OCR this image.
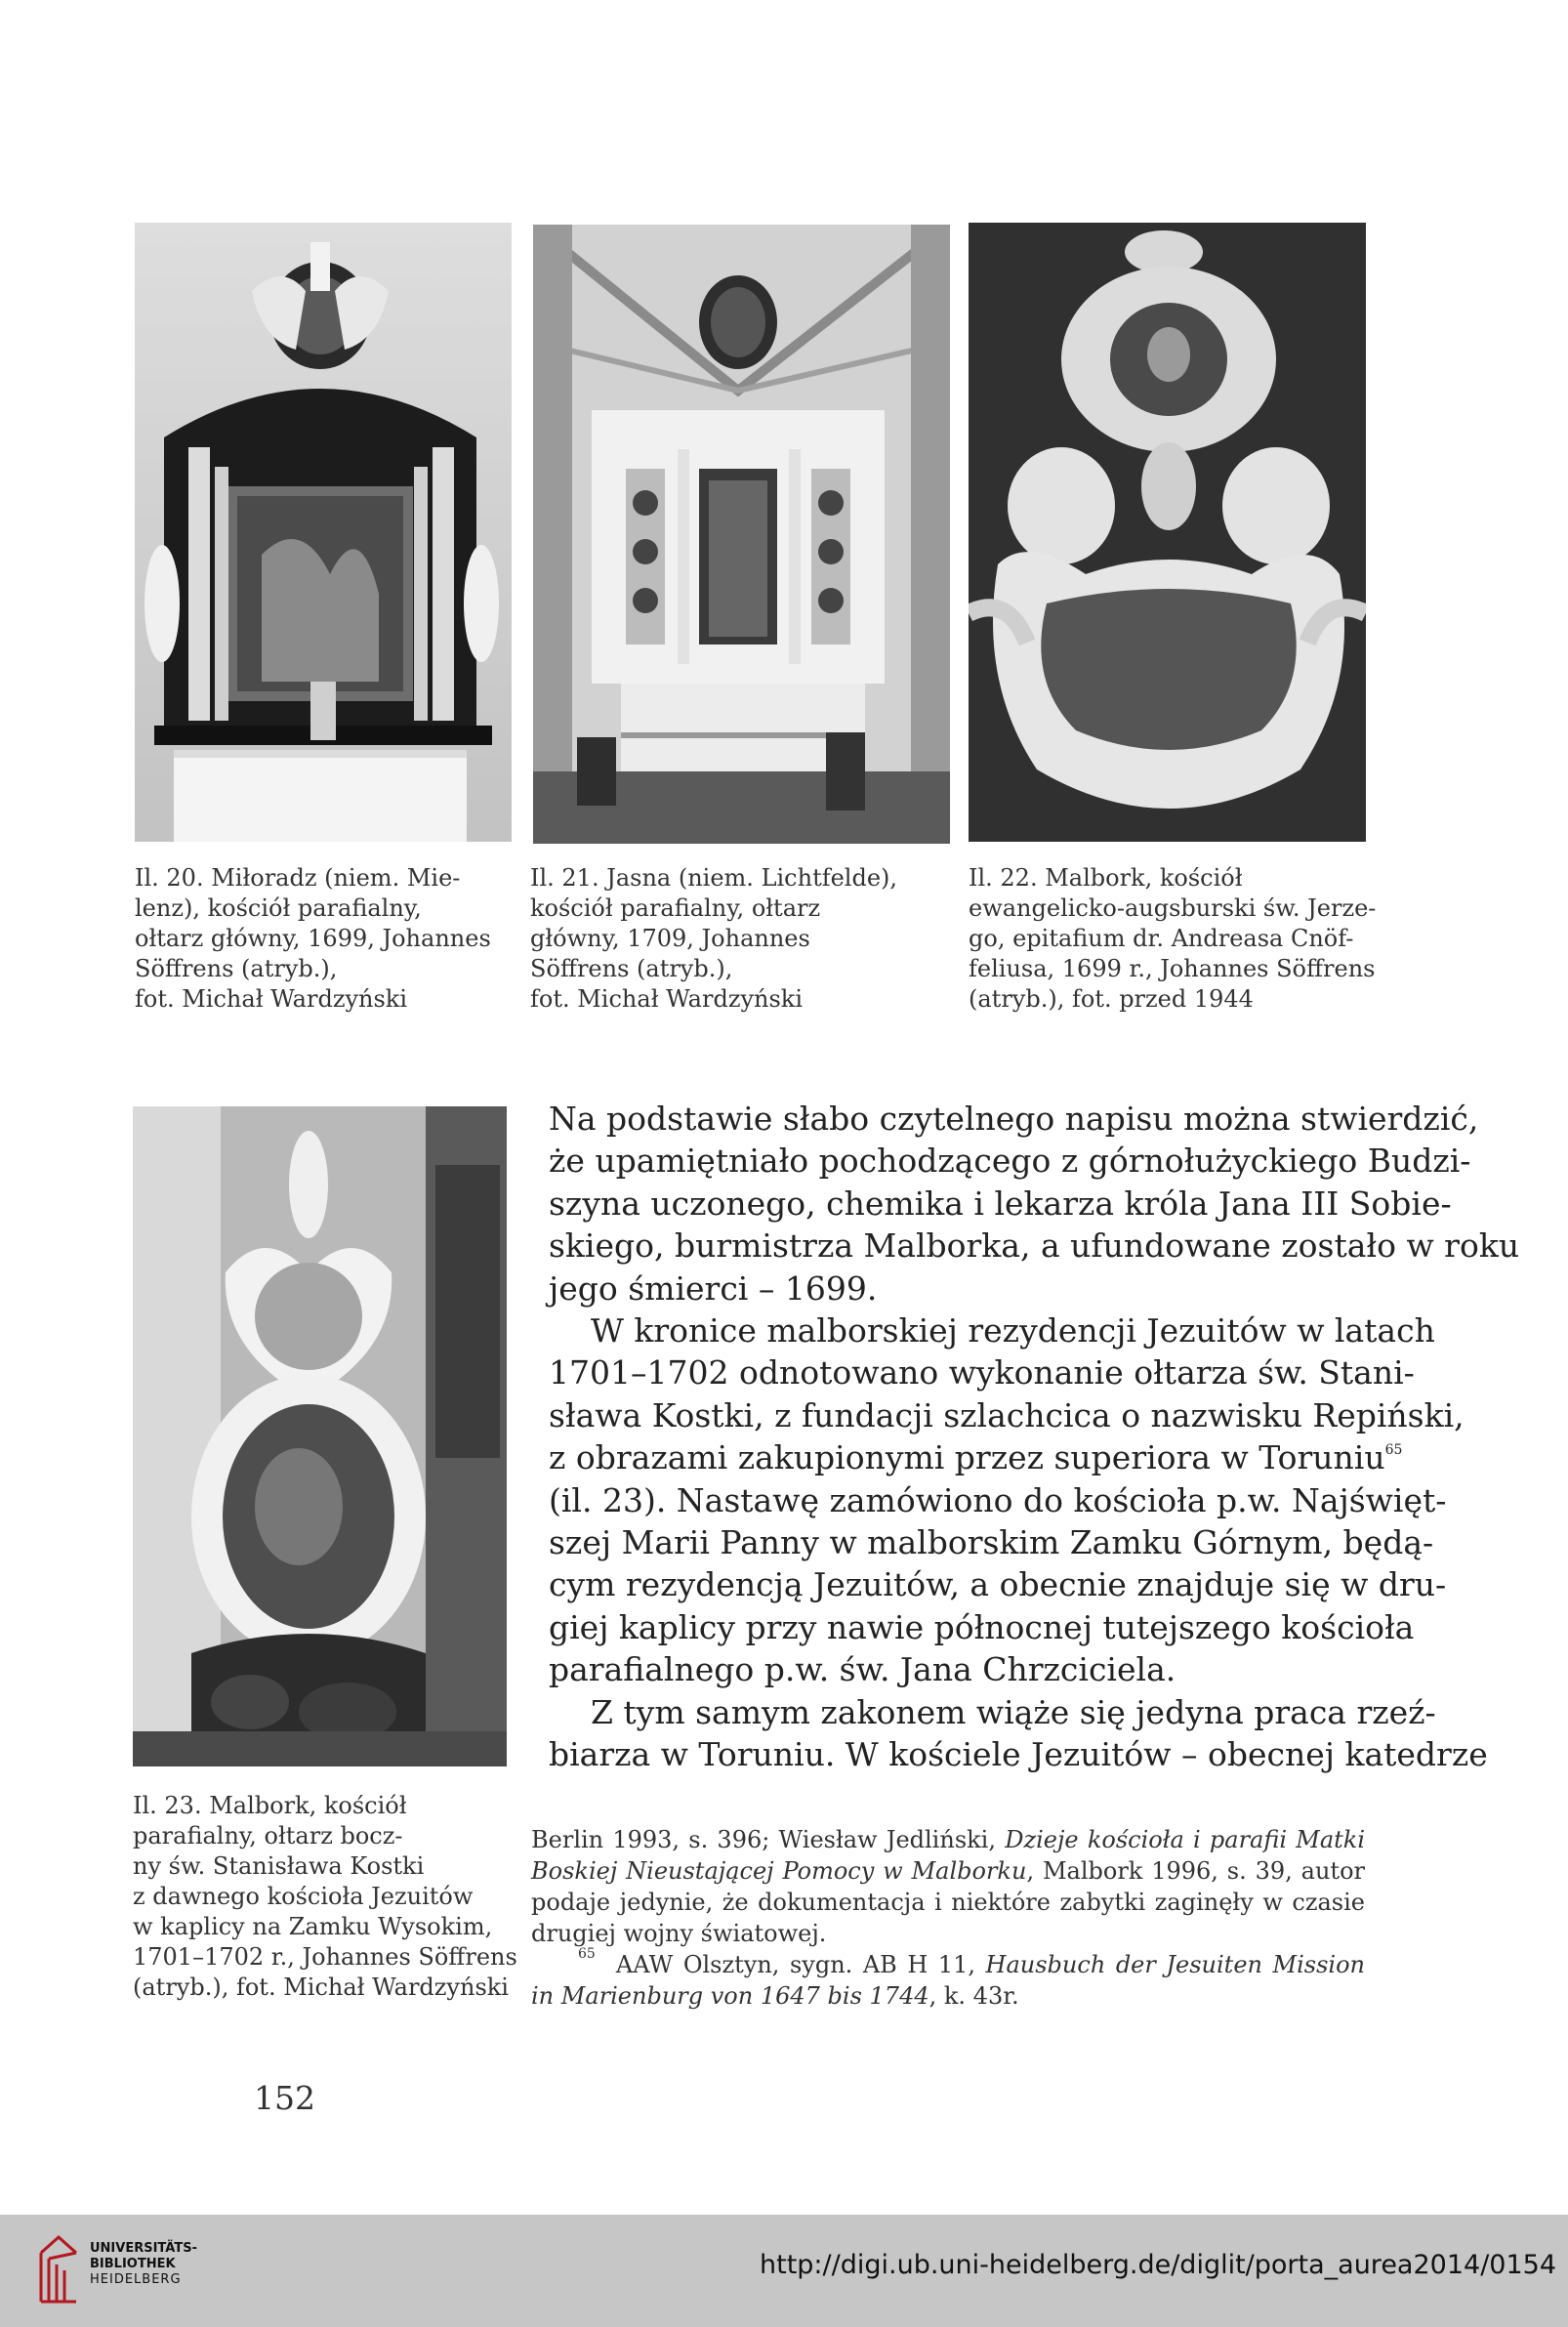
Il. 20. Miłoradz (niem. Mie-
lenz), kościół parafialny,
ołtarz główny, 1699, Johannes
Söffrens (atryb.),
fot. Michał Wardzyński
Il. 21. Jasna (niem. Lichtfelde),
kościół parafialny, ołtarz
główny, 1709, Johannes
Söffrens (atryb.),
fot. Michał Wardzyński
Il. 22. Malbork, kościół
ewangelicko-augsburski św. Jerze-
go, epitafium dr. Andreasa Cnöf-
feliusa, 1699 r., Johannes Söffrens
(atryb.), fot. przed 1944
Il. 23. Malbork, kościół
parafialny, ołtarz bocz-
ny św. Stanisława Kostki
z dawnego kościoła Jezuitów
w kaplicy na Zamku Wysokim,
1701–1702 r., Johannes Söffrens
(atryb.), fot. Michał Wardzyński
Na podstawie słabo czytelnego napisu można stwierdzić,
że upamiętniało pochodzącego z górnołużyckiego Budzi-
szyna uczonego, chemika i lekarza króla Jana III Sobie-
skiego, burmistrza Malborka, a ufundowane zostało w roku
jego śmierci – 1699.
W kronice malborskiej rezydencji Jezuitów w latach
1701–1702 odnotowano wykonanie ołtarza św. Stani-
sława Kostki, z fundacji szlachcica o nazwisku Repiński,
z obrazami zakupionymi przez superiora w Toruniu$^{65}$
(il. 23). Nastawę zamówiono do kościoła p.w. Najświęt-
szej Marii Panny w malborskim Zamku Górnym, będą-
cym rezydencją Jezuitów, a obecnie znajduje się w dru-
giej kaplicy przy nawie północnej tutejszego kościoła
parafialnego p.w. św. Jana Chrzciciela.
Z tym samym zakonem wiąże się jedyna praca rzeź-
biarza w Toruniu. W kościele Jezuitów – obecnej katedrze
Berlin 1993, s. 396; Wiesław Jedliński, Dzieje kościoła i parafii Matki
Boskiej Nieustającej Pomocy w Malborku, Malbork 1996, s. 39, autor
podaje jedynie, że dokumentacja i niektóre zabytki zaginęły w czasie
drugiej wojny światowej.
$^{65}$ AAW Olsztyn, sygn. AB H 11, Hausbuch der Jesuiten Mission
in Marienburg von 1647 bis 1744, k. 43r.
152
UNIVERSITÄTS-
BIBLIOTHEK
HEIDELBERG	http://digi.ub.uni-heidelberg.de/diglit/porta_aurea2014/0154
